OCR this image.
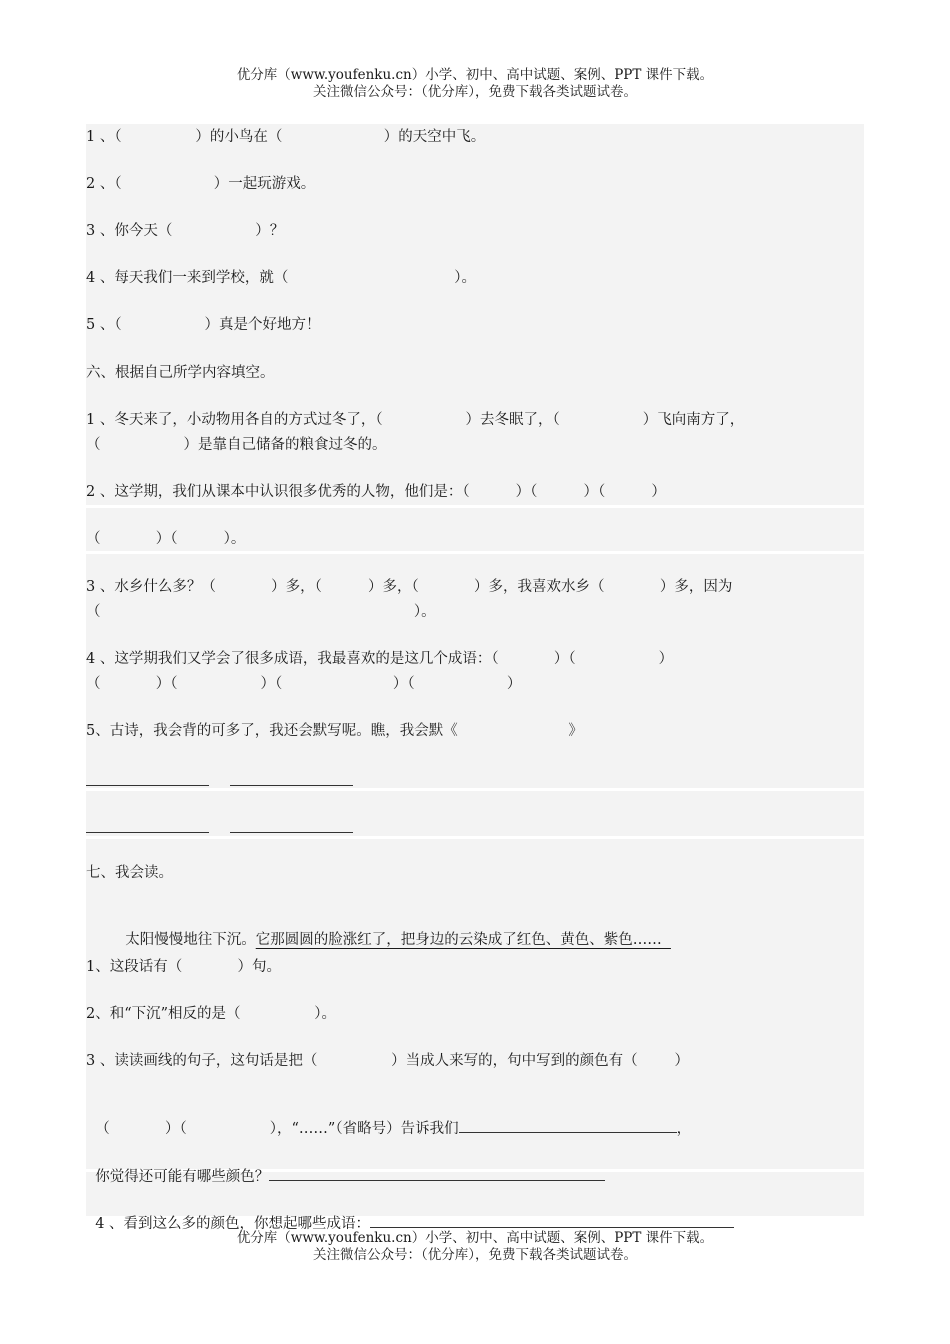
优分库（www.youfenku.cn）小学、初中、高中试题、案例、PPT 课件下载。
关注微信公众号：（优分库），免费下载各类试题试卷。
1 、（                ）的小鸟在（                      ）的天空中飞。
2 、（                    ）一起玩游戏。
3 、你今天（                  ）？
4 、每天我们一来到学校，就（                                    ）。
5 、（                  ）真是个好地方！
六、根据自己所学内容填空。
1 、冬天来了，小动物用各自的方式过冬了，（                  ）去冬眠了，（                  ）飞向南方了，
（                  ）是靠自己储备的粮食过冬的。
2 、这学期，我们从课本中认识很多优秀的人物，他们是：（          ）（          ）（          ）
（            ）（          ）。
3 、水乡什么多？（            ）多，（          ）多，（            ）多，我喜欢水乡（            ）多，因为
（                                                                    ）。
4 、这学期我们又学会了很多成语，我最喜欢的是这几个成语：（            ）（                  ）
（            ）（                  ）（                        ）（                    ）
5、古诗，我会背的可多了，我还会默写呢。瞧，我会默《                        》
七、我会读。

太阳慢慢地往下沉。它那圆圆的脸涨红了，把身边的云染成了红色、黄色、紫色……

1、这段话有（            ）句。
2、和“下沉”相反的是（                ）。
3 、读读画线的句子，这句话是把（                ）当成人来写的，句中写到的颜色有（        ）

（            ）（                  ），“……”（省略号）告诉我们	，

你觉得还可能有哪些颜色？

4 、看到这么多的颜色，你想起哪些成语：

优分库（www.youfenku.cn）小学、初中、高中试题、案例、PPT 课件下载。
关注微信公众号：（优分库），免费下载各类试题试卷。
